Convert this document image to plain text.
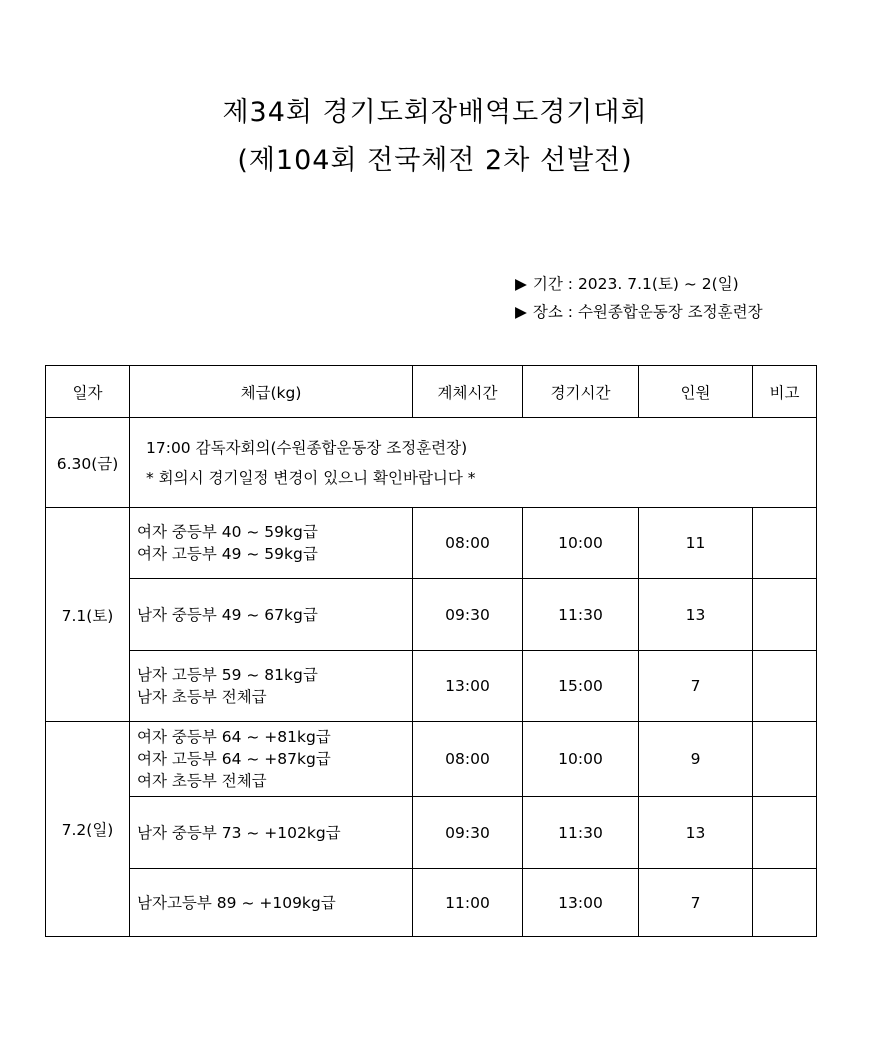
제34회 경기도회장배역도경기대회
(제104회 전국체전 2차 선발전)
▶ 기간 : 2023. 7.1(토) ~ 2(일)
▶ 장소 : 수원종합운동장 조정훈련장
일자	체급(kg)	계체시간	경기시간	인원	비고
6.30(금)	17:00 감독자회의(수원종합운동장 조정훈련장)
* 회의시 경기일정 변경이 있으니 확인바랍니다 *				

7.1(토)	여자 중등부 40 ~ 59kg급
여자 고등부 49 ~ 59kg급	08:00	10:00	11	

	남자 중등부 49 ~ 67kg급	09:30	11:30	13	

	남자 고등부 59 ~ 81kg급
남자 초등부 전체급	13:00	15:00	7	
7.2(일)	여자 중등부 64 ~ +81kg급
여자 고등부 64 ~ +87kg급
여자 초등부 전체급	08:00	10:00	9	

	남자 중등부 73 ~ +102kg급	09:30	11:30	13	

	남자고등부 89 ~ +109kg급	11:00	13:00	7	
